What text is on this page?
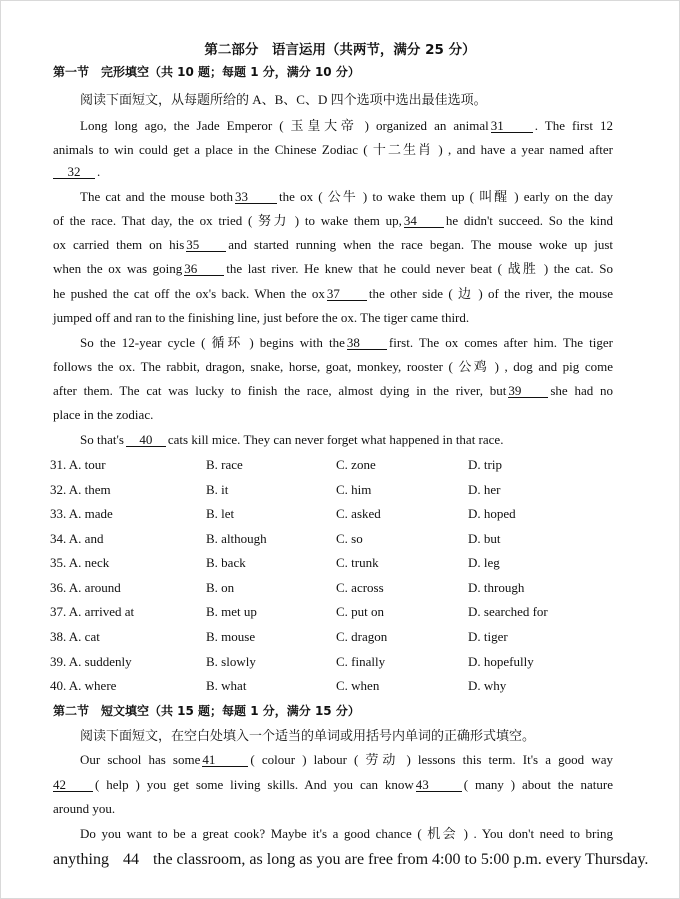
第二部分　语言运用（共两节，满分 25 分）
第一节　完形填空（共 10 题；每题 1 分，满分 10 分）
阅读下面短文，从每题所给的 A、B、C、D 四个选项中选出最佳选项。
Long long ago, the Jade Emperor ( 玉皇大帝 ) organized an animal 31 . The first 12
animals to win could get a place in the Chinese Zodiac ( 十二生肖 ) , and have a year named after
32 .
The cat and the mouse both 33 the ox ( 公牛 ) to wake them up ( 叫醒 ) early on the day
of the race. That day, the ox tried ( 努力 ) to wake them up, 34 he didn't succeed. So the kind
ox carried them on his 35 and started running when the race began. The mouse woke up just
when the ox was going 36 the last river. He knew that he could never beat ( 战胜 ) the cat. So
he pushed the cat off the ox's back. When the ox 37 the other side ( 边 ) of the river, the mouse
jumped off and ran to the finishing line, just before the ox. The tiger came third.
So the 12-year cycle ( 循环 ) begins with the 38 first. The ox comes after him. The tiger
follows the ox. The rabbit, dragon, snake, horse, goat, monkey, rooster ( 公鸡 ) , dog and pig come
after them. The cat was lucky to finish the race, almost dying in the river, but 39 she had no
place in the zodiac.
So that's 40 cats kill mice. They can never forget what happened in that race.
31. A. tour	B. race	C. zone	D. trip
32. A. them	B. it	C. him	D. her
33. A. made	B. let	C. asked	D. hoped
34. A. and	B. although	C. so	D. but
35. A. neck	B. back	C. trunk	D. leg
36. A. around	B. on	C. across	D. through
37. A. arrived at	B. met up	C. put on	D. searched for
38. A. cat	B. mouse	C. dragon	D. tiger
39. A. suddenly	B. slowly	C. finally	D. hopefully
40. A. where	B. what	C. when	D. why
第二节　短文填空（共 15 题；每题 1 分，满分 15 分）
阅读下面短文，在空白处填入一个适当的单词或用括号内单词的正确形式填空。
Our school has some 41	( colour ) labour ( 劳动 ) lessons this term. It's a good way
42 ( help ) you get some living skills. And you can know 43	( many ) about the nature
around you.
Do you want to be a great cook? Maybe it's a good chance ( 机会 ) . You don't need to bring
anything 44 the classroom, as long as you are free from 4:00 to 5:00 p.m. every Thursday.
